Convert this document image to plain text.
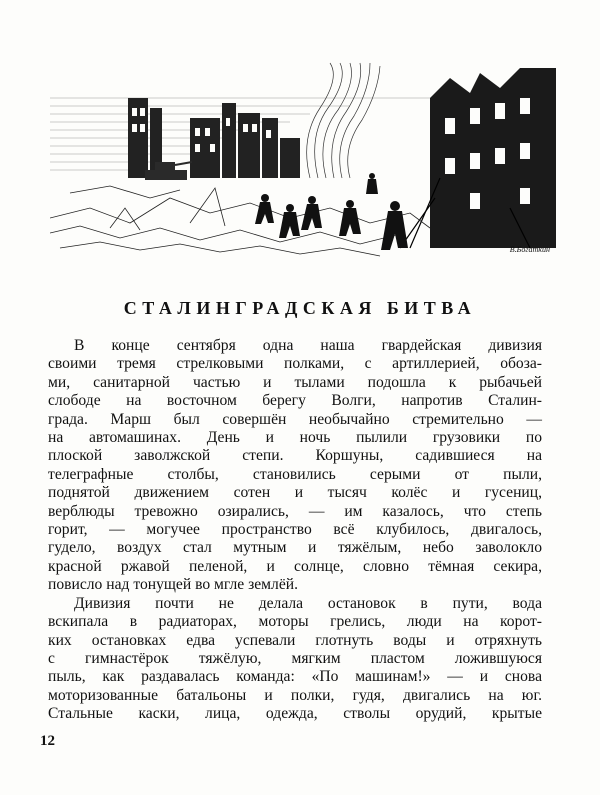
В.Богаткин
СТАЛИНГРАДСКАЯ БИТВА
В конце сентября одна наша гвардейская дивизия
своими тремя стрелковыми полками, с артиллерией, обоза-
ми, санитарной частью и тылами подошла к рыбачьей
слободе на восточном берегу Волги, напротив Сталин-
града. Марш был совершён необычайно стремительно —
на автомашинах. День и ночь пылили грузовики по
плоской заволжской степи. Коршуны, садившиеся на
телеграфные столбы, становились серыми от пыли,
поднятой движением сотен и тысяч колёс и гусениц,
верблюды тревожно озирались, — им казалось, что степь
горит, — могучее пространство всё клубилось, двигалось,
гудело, воздух стал мутным и тяжёлым, небо заволокло
красной ржавой пеленой, и солнце, словно тёмная секира,
повисло над тонущей во мгле землёй.
Дивизия почти не делала остановок в пути, вода
вскипала в радиаторах, моторы грелись, люди на корот-
ких остановках едва успевали глотнуть воды и отряхнуть
с гимнастёрок тяжёлую, мягким пластом ложившуюся
пыль, как раздавалась команда: «По машинам!» — и снова
моторизованные батальоны и полки, гудя, двигались на юг.
Стальные каски, лица, одежда, стволы орудий, крытые
12
